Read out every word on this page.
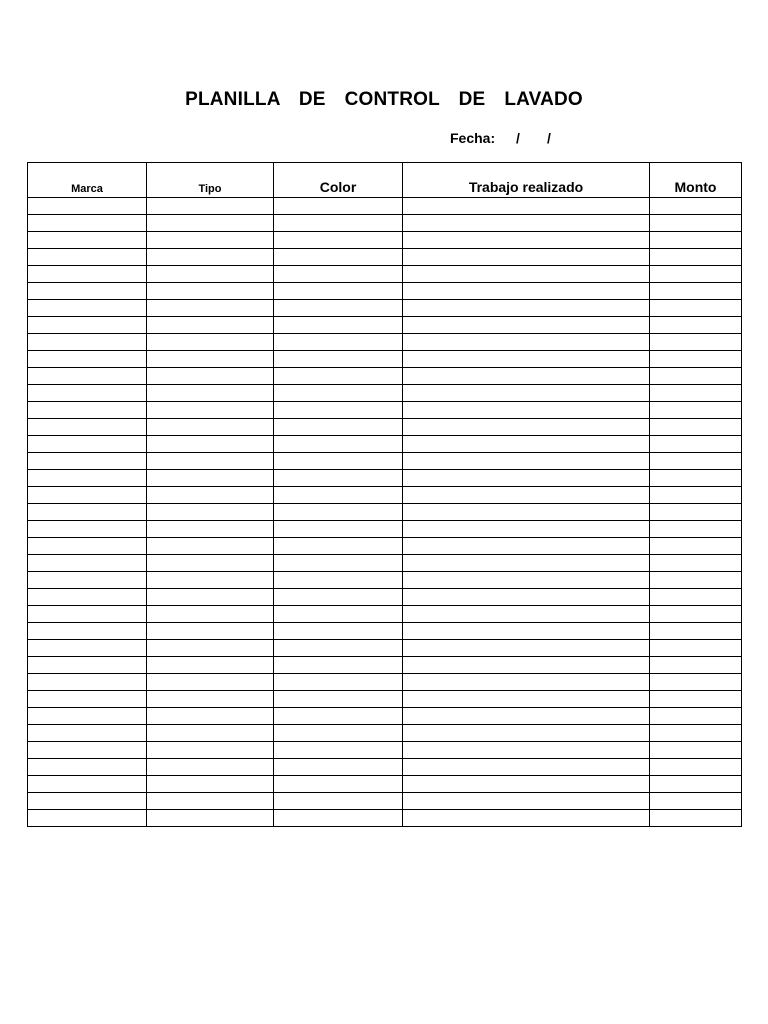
PLANILLA  DE  CONTROL  DE  LAVADO
Fecha: / /
Marca	Tipo	Color	Trabajo realizado	Monto
